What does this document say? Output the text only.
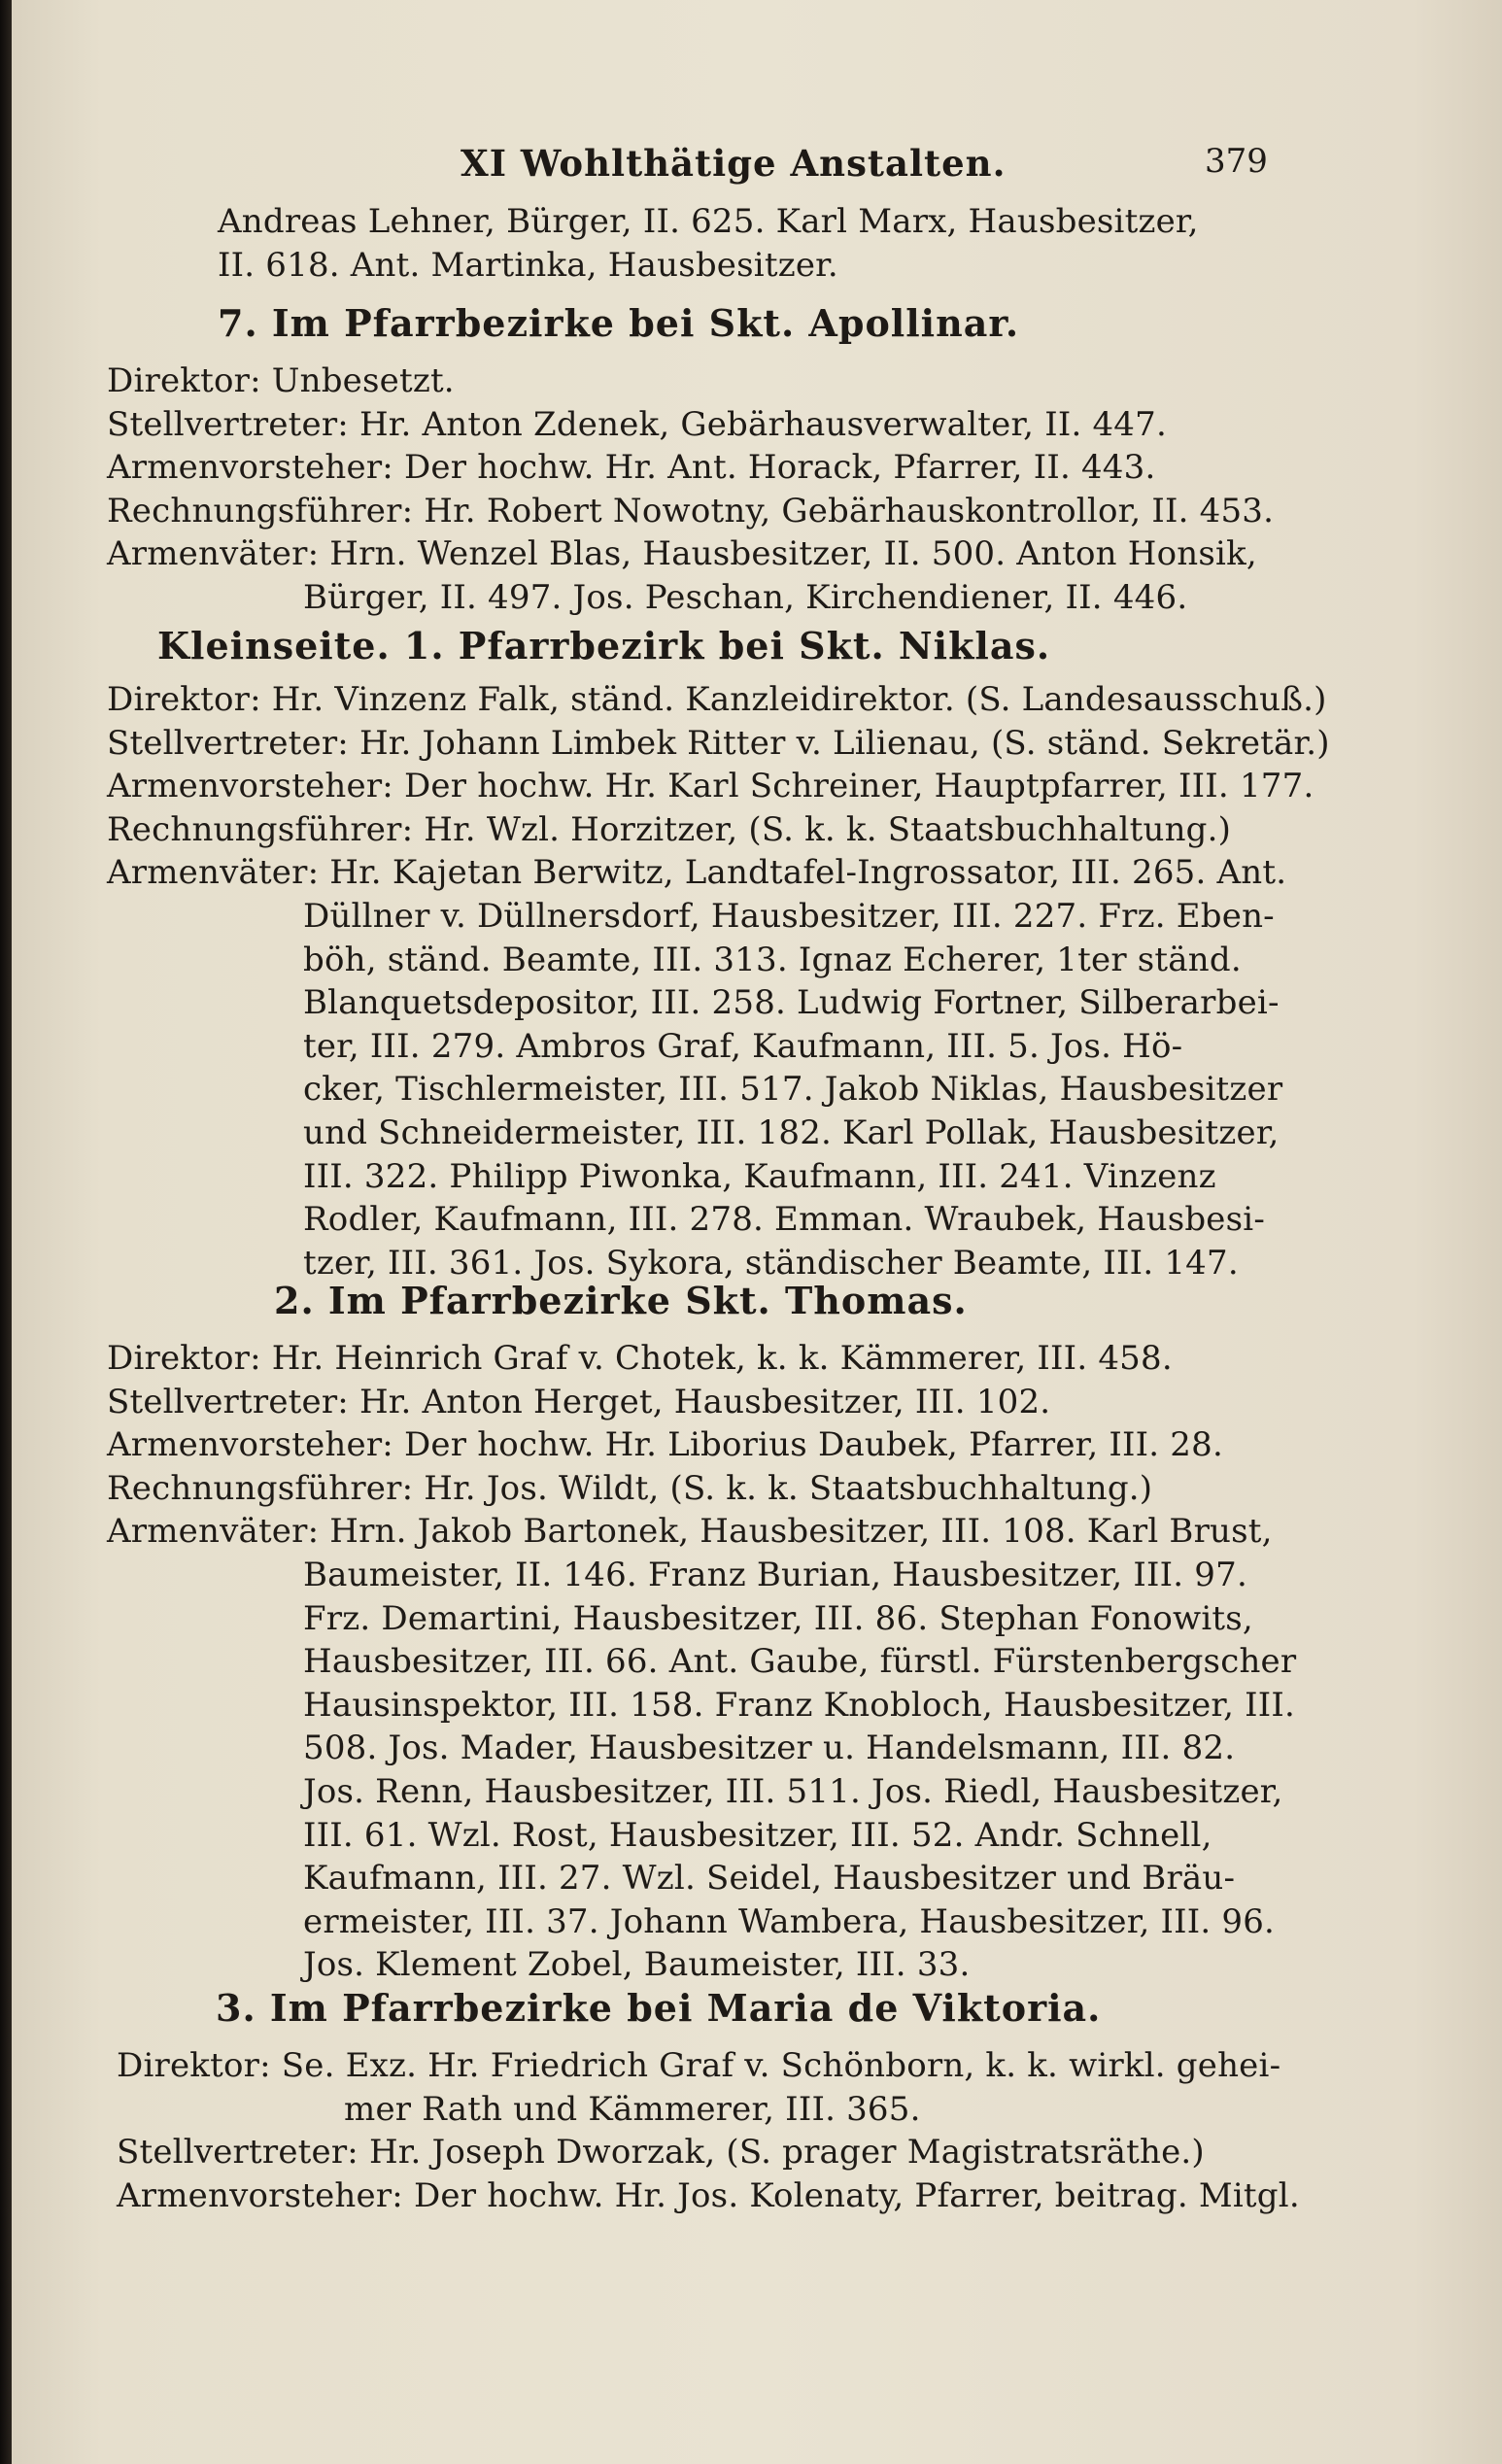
XI Wohlthätige Anstalten.	379
Andreas Lehner, Bürger, II. 625. Karl Marx, Hausbesitzer,
II. 618. Ant. Martinka, Hausbesitzer.
7. Im Pfarrbezirke bei Skt. Apollinar.
Direktor: Unbesetzt.
Stellvertreter: Hr. Anton Zdenek, Gebärhausverwalter, II. 447.
Armenvorsteher: Der hochw. Hr. Ant. Horack, Pfarrer, II. 443.
Rechnungsführer: Hr. Robert Nowotny, Gebärhauskontrollor, II. 453.
Armenväter: Hrn. Wenzel Blas, Hausbesitzer, II. 500. Anton Honsik,
Bürger, II. 497. Jos. Peschan, Kirchendiener, II. 446.
Kleinseite. 1. Pfarrbezirk bei Skt. Niklas.
Direktor: Hr. Vinzenz Falk, ständ. Kanzleidirektor. (S. Landesausschuß.)
Stellvertreter: Hr. Johann Limbek Ritter v. Lilienau, (S. ständ. Sekretär.)
Armenvorsteher: Der hochw. Hr. Karl Schreiner, Hauptpfarrer, III. 177.
Rechnungsführer: Hr. Wzl. Horzitzer, (S. k. k. Staatsbuchhaltung.)
Armenväter: Hr. Kajetan Berwitz, Landtafel-Ingrossator, III. 265. Ant.
Düllner v. Düllnersdorf, Hausbesitzer, III. 227. Frz. Eben-
böh, ständ. Beamte, III. 313. Ignaz Echerer, 1ter ständ.
Blanquetsdepositor, III. 258. Ludwig Fortner, Silberarbei-
ter, III. 279. Ambros Graf, Kaufmann, III. 5. Jos. Hö-
cker, Tischlermeister, III. 517. Jakob Niklas, Hausbesitzer
und Schneidermeister, III. 182. Karl Pollak, Hausbesitzer,
III. 322. Philipp Piwonka, Kaufmann, III. 241. Vinzenz
Rodler, Kaufmann, III. 278. Emman. Wraubek, Hausbesi-
tzer, III. 361. Jos. Sykora, ständischer Beamte, III. 147.
2. Im Pfarrbezirke Skt. Thomas.
Direktor: Hr. Heinrich Graf v. Chotek, k. k. Kämmerer, III. 458.
Stellvertreter: Hr. Anton Herget, Hausbesitzer, III. 102.
Armenvorsteher: Der hochw. Hr. Liborius Daubek, Pfarrer, III. 28.
Rechnungsführer: Hr. Jos. Wildt, (S. k. k. Staatsbuchhaltung.)
Armenväter: Hrn. Jakob Bartonek, Hausbesitzer, III. 108. Karl Brust,
Baumeister, II. 146. Franz Burian, Hausbesitzer, III. 97.
Frz. Demartini, Hausbesitzer, III. 86. Stephan Fonowits,
Hausbesitzer, III. 66. Ant. Gaube, fürstl. Fürstenbergscher
Hausinspektor, III. 158. Franz Knobloch, Hausbesitzer, III.
508. Jos. Mader, Hausbesitzer u. Handelsmann, III. 82.
Jos. Renn, Hausbesitzer, III. 511. Jos. Riedl, Hausbesitzer,
III. 61. Wzl. Rost, Hausbesitzer, III. 52. Andr. Schnell,
Kaufmann, III. 27. Wzl. Seidel, Hausbesitzer und Bräu-
ermeister, III. 37. Johann Wambera, Hausbesitzer, III. 96.
Jos. Klement Zobel, Baumeister, III. 33.
3. Im Pfarrbezirke bei Maria de Viktoria.
Direktor: Se. Exz. Hr. Friedrich Graf v. Schönborn, k. k. wirkl. gehei-
mer Rath und Kämmerer, III. 365.
Stellvertreter: Hr. Joseph Dworzak, (S. prager Magistratsräthe.)
Armenvorsteher: Der hochw. Hr. Jos. Kolenaty, Pfarrer, beitrag. Mitgl.
